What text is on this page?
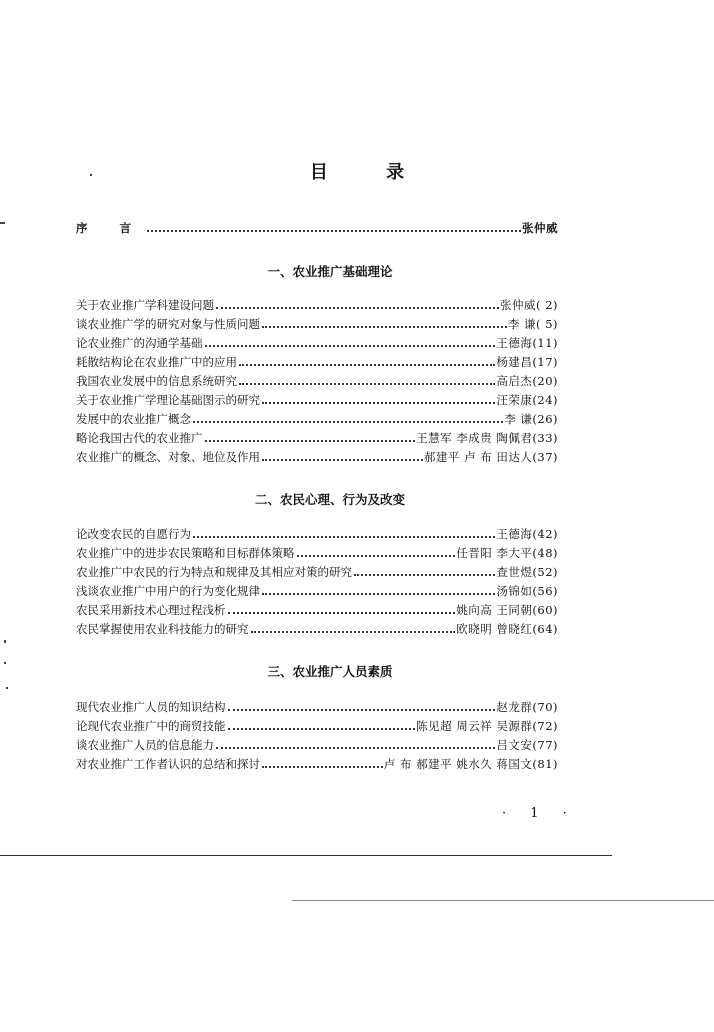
目 录
序 言	张仲威
一、农业推广基础理论
关于农业推广学科建设问题	张仲威( 2)
谈农业推广学的研究对象与性质问题	李 谦( 5)
论农业推广的沟通学基础	王德海(11)
耗散结构论在农业推广中的应用	杨建昌(17)
我国农业发展中的信息系统研究	高启杰(20)
关于农业推广学理论基础图示的研究	汪荣康(24)
发展中的农业推广概念	李 谦(26)
略论我国古代的农业推广	王慧军 李成贵 陶佩君(33)
农业推广的概念、对象、地位及作用	郝建平 卢 布 田达人(37)
二、农民心理、行为及改变
论改变农民的自愿行为	王德海(42)
农业推广中的进步农民策略和目标群体策略	任晋阳 李大平(48)
农业推广中农民的行为特点和规律及其相应对策的研究	查世煜(52)
浅谈农业推广中用户的行为变化规律	汤锦如(56)
农民采用新技术心理过程浅析	姚向高 王同朝(60)
农民掌握使用农业科技能力的研究	欧晓明 曾晓红(64)
三、农业推广人员素质
现代农业推广人员的知识结构	赵龙群(70)
论现代农业推广中的商贸技能	陈见超 周云祥 吴源群(72)
谈农业推广人员的信息能力	吕文安(77)
对农业推广工作者认识的总结和探讨	卢 布 郝建平 姚水久 蒋国文(81)
· 1 ·
